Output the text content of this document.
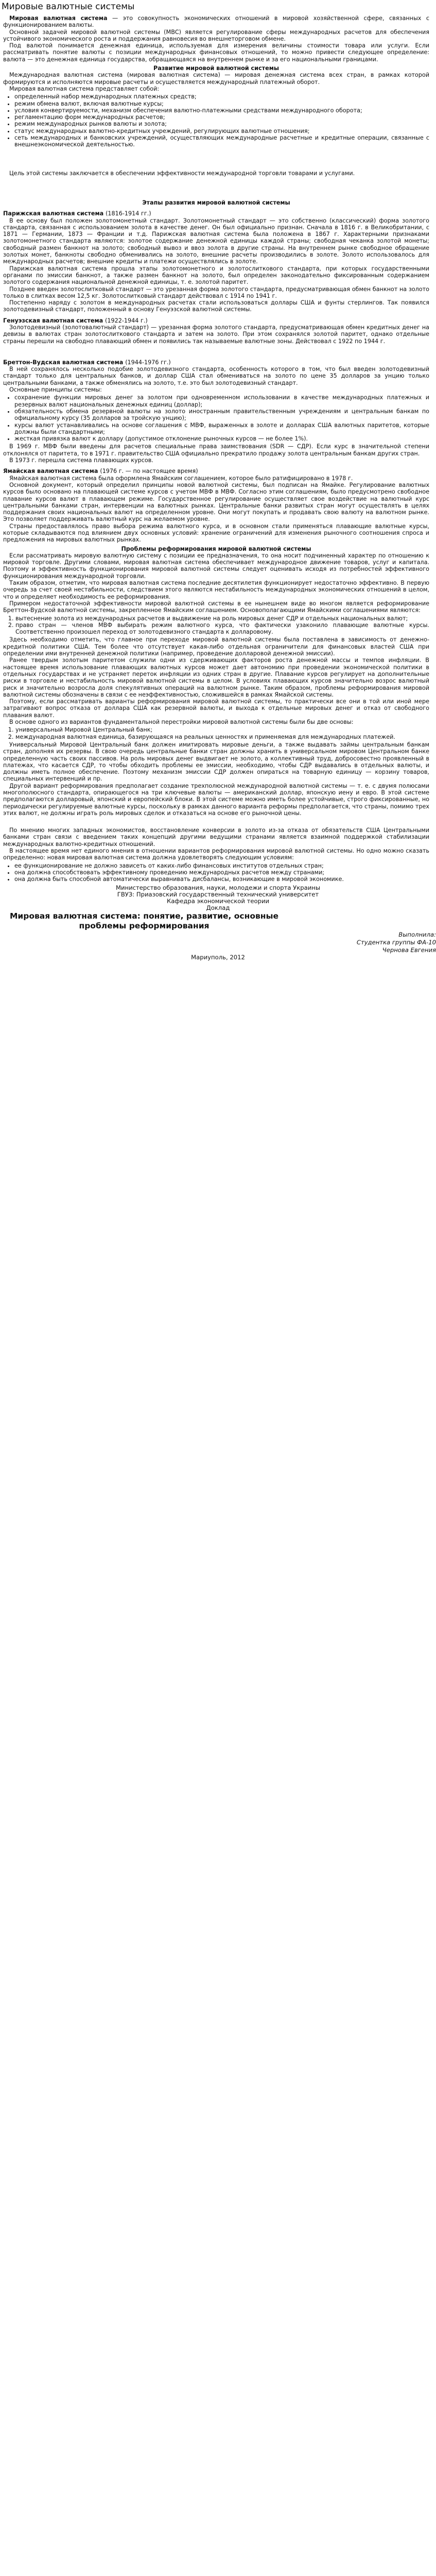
Мировые валютные системы

Мировая валютная система — это совокупность экономических отношений в мировой хозяйственной сфере, связанных с функционированием валюты.

Основной задачей мировой валютной системы (МВС) является регулирование сферы международных расчетов для обеспечения устойчивого экономического роста и поддержания равновесия во внешнеторговом обмене.

Под валютой понимается денежная единица, используемая для измерения величины стоимости товара или услуги. Если рассматривать понятие валюты с позиции международных финансовых отношений, то можно привести следующее определение: валюта — это денежная единица государства, обращающаяся на внутреннем рынке и за его национальными границами.

Развитие мировой валютной системы

Международная валютная система (мировая валютная система) — мировая денежная система всех стран, в рамках которой формируются и исполняются мировые расчеты и осуществляется международный платежный оборот.

Мировая валютная система представляет собой:

• определенный набор международных платежных средств;
• режим обмена валют, включая валютные курсы;
• условия конвертируемости, механизм обеспечения валютно-платежными средствами международного оборота;
• регламентацию форм международных расчетов;
• режим международных рынков валюты и золота;
• статус международных валютно-кредитных учреждений, регулирующих валютные отношения;
• сеть международных и банковских учреждений, осуществляющих международные расчетные и кредитные операции, связанные с внешнеэкономической деятельностью.

Цель этой системы заключается в обеспечении эффективности международной торговли товарами и услугами.

Этапы развития мировой валютной системы

Парижская валютная система (1816-1914 гг.)

В ее основу был положен золотомонетный стандарт. Золотомонетный стандарт — это собственно (классический) форма золотого стандарта, связанная с использованием золота в качестве денег. Он был официально признан. Сначала в 1816 г. в Великобритании, с 1871 — Германии, 1873 — Франции и т.д. Парижская валютная система была положена в 1867 г. Характерными признаками золотомонетного стандарта являются: золотое содержание денежной единицы каждой страны; свободная чеканка золотой монеты; свободный размен банкнот на золото; свободный вывоз и ввоз золота в другие страны. На внутреннем рынке свободное обращение золотых монет, банкноты свободно обменивались на золото, внешние расчеты производились в золоте. Золото использовалось для международных расчетов; внешние кредиты и платежи осуществлялись в золоте.

Парижская валютная система прошла этапы золотомонетного и золотослиткового стандарта, при которых государственными органами по эмиссии банкнот, а также размен банкнот на золото, был определен законодательно фиксированным содержанием золотого содержания национальной денежной единицы, т. е. золотой паритет.

Позднее введен золотослитковый стандарт — это урезанная форма золотого стандарта, предусматривающая обмен банкнот на золото только в слитках весом 12,5 кг. Золотослитковый стандарт действовал с 1914 по 1941 г.

Постепенно наряду с золотом в международных расчетах стали использоваться доллары США и фунты стерлингов. Так появился золотодевизный стандарт, положенный в основу Генуэзской валютной системы.

Генуэзская валютная система (1922-1944 г.)

Золотодевизный (золотовалютный стандарт) — урезанная форма золотого стандарта, предусматривающая обмен кредитных денег на девизы в валютах стран золотослиткового стандарта и затем на золото. При этом сохранялся золотой паритет, однако отдельные страны перешли на свободно плавающий обмен и появились так называемые валютные зоны. Действовал с 1922 по 1944 г.

Бреттон-Вудская валютная система (1944-1976 гг.)

В ней сохранялось несколько подобие золотодевизного стандарта, особенность которого в том, что был введен золотодевизный стандарт только для центральных банков, и доллар США стал обмениваться на золото по цене 35 долларов за унцию только центральными банками, а также обменялись на золото, т.е. это был золотодевизный стандарт.

Основные принципы системы:

• сохранение функции мировых денег за золотом при одновременном использовании в качестве международных платежных и резервных валют национальных денежных единиц (доллар);
• обязательность обмена резервной валюты на золото иностранным правительственным учреждениям и центральным банкам по официальному курсу (35 долларов за тройскую унцию);
• курсы валют устанавливались на основе соглашения с МВФ, выраженных в золоте и долларах США валютных паритетов, которые должны были стандартными;
• жесткая привязка валют к доллару (допустимое отклонение рыночных курсов — не более 1%).

В 1969 г. МВФ были введены для расчетов специальные права заимствования (SDR — СДР). Если курс в значительной степени отклонялся от паритета, то в 1971 г. правительство США официально прекратило продажу золота центральным банкам других стран.

В 1973 г. перешла система плавающих курсов.

Ямайская валютная система (1976 г. — по настоящее время)

Ямайская валютная система была оформлена Ямайским соглашением, которое было ратифицировано в 1978 г.

Основной документ, который определил принципы новой валютной системы, был подписан на Ямайке. Регулирование валютных курсов было основано на плавающей системе курсов с учетом МВФ в МВФ. Согласно этим соглашениям, было предусмотрено свободное плавание курсов валют в плавающем режиме. Государственное регулирование осуществляет свое воздействие на валютный курс центральными банками стран, интервенции на валютных рынках. Центральные банки развитых стран могут осуществлять в целях поддержания своих национальных валют на определенном уровне. Они могут покупать и продавать свою валюту на валютном рынке. Это позволяет поддерживать валютный курс на желаемом уровне.

Страны предоставлялось право выбора режима валютного курса, и в основном стали применяться плавающие валютные курсы, которые складываются под влиянием двух основных условий: хранение ограничений для изменения рыночного соотношения спроса и предложения на мировых валютных рынках.

Проблемы реформирования мировой валютной системы

Если рассматривать мировую валютную систему с позиции ее предназначения, то она носит подчиненный характер по отношению к мировой торговле. Другими словами, мировая валютная система обеспечивает международное движение товаров, услуг и капитала. Поэтому и эффективность функционирования мировой валютной системы следует оценивать исходя из потребностей эффективного функционирования международной торговли.

Таким образом, отметим, что мировая валютная система последние десятилетия функционирует недостаточно эффективно. В первую очередь за счет своей нестабильности, следствием этого являются нестабильность международных экономических отношений в целом, что и определяет необходимость ее реформирования.

Примером недостаточной эффективности мировой валютной системы в ее нынешнем виде во многом является реформирование Бреттон-Вудской валютной системы, закрепленное Ямайским соглашением. Основополагающими Ямайскими соглашениями являются:

1. вытеснение золота из международных расчетов и выдвижение на роль мировых денег СДР и отдельных национальных валют;
2. право стран — членов МВФ выбирать режим валютного курса, что фактически узаконило плавающие валютные курсы. Соответственно произошел переход от золотодевизного стандарта к долларовому.

Здесь необходимо отметить, что главное при переходе мировой валютной системы была поставлена в зависимость от денежно-кредитной политики США. Тем более что отсутствует какая-либо отдельная ограничители для финансовых властей США при определении ими внутренней денежной политики (например, проведение долларовой денежной эмиссии).

Ранее твердым золотым паритетом служили одни из сдерживающих факторов роста денежной массы и темпов инфляции. В настоящее время использование плавающих валютных курсов может дает автономию при проведении экономической политики в отдельных государствах и не устраняет переток инфляции из одних стран в другие. Плавание курсов регулирует на дополнительные риски в торговле и нестабильность мировой валютной системы в целом. В условиях плавающих курсов значительно возрос валютный риск и значительно возросла доля спекулятивных операций на валютном рынке. Таким образом, проблемы реформирования мировой валютной системы обозначены в связи с ее неэффективностью, сложившейся в рамках Ямайской системы.

Поэтому, если рассматривать варианты реформирования мировой валютной системы, то практически все они в той или иной мере затрагивают вопрос отказа от доллара США как резервной валюты, и выхода к отдельные мировых денег и отказ от свободного плавания валют.

В основе одного из вариантов фундаментальной перестройки мировой валютной системы были бы две основы:

1. универсальный Мировой Центральный банк;
2. международная валютная единица, базирующаяся на реальных ценностях и применяемая для международных платежей.

Универсальный Мировой Центральный банк должен имитировать мировые деньги, а также выдавать займы центральным банкам стран, дополняя их резервы. В свою очередь центральные банки стран должны хранить в универсальном мировом Центральном банке определенную часть своих пассивов. На роль мировых денег выдвигает не золото, а коллективный труд, добросовестно проявленный в платежах, что касается СДР, то чтобы обходить проблемы ее эмиссии, необходимо, чтобы СДР выдавались в отдельных валюты, и должны иметь полное обеспечение. Поэтому механизм эмиссии СДР должен опираться на товарную единицу — корзину товаров, специальных интервенций и пр.

Другой вариант реформирования предполагает создание трехполюсной международной валютной системы — т. е. с двумя полюсами многополюсного стандарта, опирающегося на три ключевые валюты — американский доллар, японскую иену и евро. В этой системе предполагаются долларовый, японский и европейский блоки. В этой системе можно иметь более устойчивые, строго фиксированные, но периодически регулируемые валютные курсы, поскольку в рамках данного варианта реформы предполагается, что страны, помимо трех этих валют, не должны играть роль мировых сделок и отказаться на основе его рыночной цены.

По мнению многих западных экономистов, восстановление конверсии в золото из-за отказа от обязательств США Центральными банками стран связи с введением таких концепций другими ведущими странами является взаимной поддержкой стабилизации международных валютно-кредитных отношений.

В настоящее время нет единого мнения в отношении вариантов реформирования мировой валютной системы. Но одно можно сказать определенно: новая мировая валютная система должна удовлетворять следующим условиям:

• ее функционирование не должно зависеть от каких-либо финансовых институтов отдельных стран;
• она должна способствовать эффективному проведению международных расчетов между странами;
• она должна быть способной автоматически выравнивать дисбалансы, возникающие в мировой экономике.
Министерство образования, науки, молодежи и спорта Украины
ГВУЗ: Приазовский государственный технический университет
Кафедра экономической теории
Доклад
Мировая валютная система: понятие, развитие, основные проблемы реформирования
Выполнила:
Студентка группы ФА-10
Чернова Евгения
Мариуполь, 2012
